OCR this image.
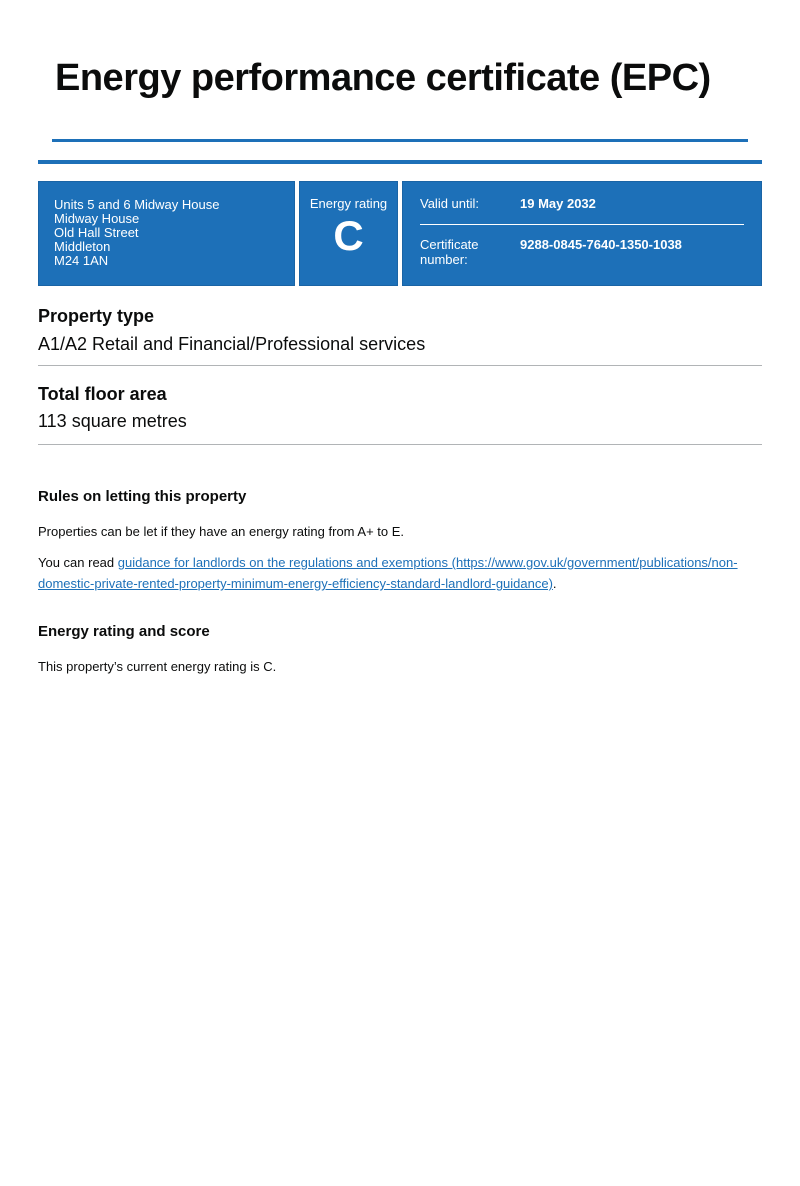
Energy performance certificate (EPC)
Units 5 and 6 Midway House
Midway House
Old Hall Street
Middleton
M24 1AN
Energy rating
C
Valid until:	19 May 2032
Certificate number:
9288-0845-7640-1350-1038
Property type

A1/A2 Retail and Financial/Professional services

Total floor area

113 square metres

Rules on letting this property

Properties can be let if they have an energy rating from A+ to E.

You can read guidance for landlords on the regulations and exemptions (https://www.gov.uk/government/publications/non-
domestic-private-rented-property-minimum-energy-efficiency-standard-landlord-guidance).

Energy rating and score

This property’s current energy rating is C.
